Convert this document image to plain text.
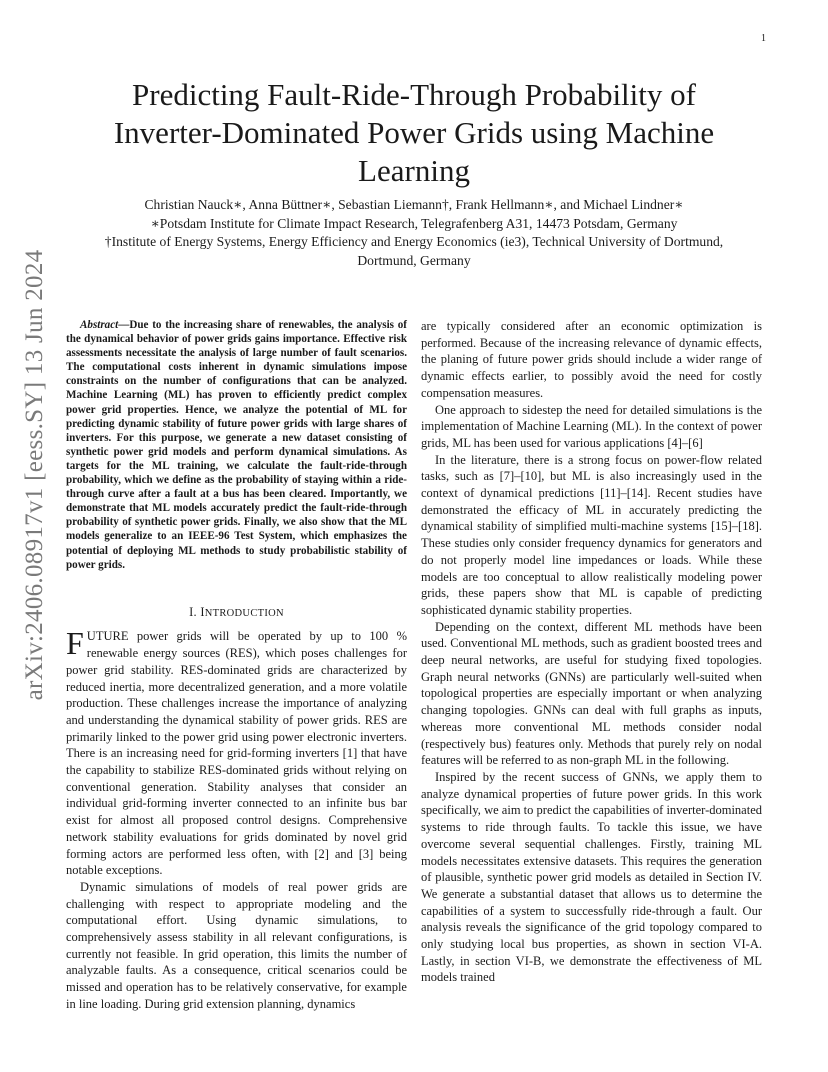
1
arXiv:2406.08917v1 [eess.SY] 13 Jun 2024
Predicting Fault-Ride-Through Probability of
Inverter-Dominated Power Grids using Machine
Learning
Christian Nauck∗, Anna Büttner∗, Sebastian Liemann†, Frank Hellmann∗, and Michael Lindner∗
∗Potsdam Institute for Climate Impact Research, Telegrafenberg A31, 14473 Potsdam, Germany
†Institute of Energy Systems, Energy Efficiency and Energy Economics (ie3), Technical University of Dortmund,
Dortmund, Germany

Abstract—Due to the increasing share of renewables, the analysis of the dynamical behavior of power grids gains importance. Effective risk assessments necessitate the analysis of large number of fault scenarios. The computational costs inherent in dynamic simulations impose constraints on the number of configurations that can be analyzed. Machine Learning (ML) has proven to efficiently predict complex power grid properties. Hence, we analyze the potential of ML for predicting dynamic stability of future power grids with large shares of inverters. For this purpose, we generate a new dataset consisting of synthetic power grid models and perform dynamical simulations. As targets for the ML training, we calculate the fault-ride-through probability, which we define as the probability of staying within a ride-through curve after a fault at a bus has been cleared. Importantly, we demonstrate that ML models accurately predict the fault-ride-through probability of synthetic power grids. Finally, we also show that the ML models generalize to an IEEE-96 Test System, which emphasizes the potential of deploying ML methods to study probabilistic stability of power grids.

I. INTRODUCTION

FUTURE power grids will be operated by up to 100 % renewable energy sources (RES), which poses challenges for power grid stability. RES-dominated grids are characterized by reduced inertia, more decentralized generation, and a more volatile production. These challenges increase the importance of analyzing and understanding the dynamical stability of power grids. RES are primarily linked to the power grid using power electronic inverters. There is an increasing need for grid-forming inverters [1] that have the capability to stabilize RES-dominated grids without relying on conventional generation. Stability analyses that consider an individual grid-forming inverter connected to an infinite bus bar exist for almost all proposed control designs. Comprehensive network stability evaluations for grids dominated by novel grid forming actors are performed less often, with [2] and [3] being notable exceptions.

Dynamic simulations of models of real power grids are challenging with respect to appropriate modeling and the computational effort. Using dynamic simulations, to comprehensively assess stability in all relevant configurations, is currently not feasible. In grid operation, this limits the number of analyzable faults. As a consequence, critical scenarios could be missed and operation has to be relatively conservative, for example in line loading. During grid extension planning, dynamics

are typically considered after an economic optimization is performed. Because of the increasing relevance of dynamic effects, the planing of future power grids should include a wider range of dynamic effects earlier, to possibly avoid the need for costly compensation measures.

One approach to sidestep the need for detailed simulations is the implementation of Machine Learning (ML). In the context of power grids, ML has been used for various applications [4]–[6]

In the literature, there is a strong focus on power-flow related tasks, such as [7]–[10], but ML is also increasingly used in the context of dynamical predictions [11]–[14]. Recent studies have demonstrated the efficacy of ML in accurately predicting the dynamical stability of simplified multi-machine systems [15]–[18]. These studies only consider frequency dynamics for generators and do not properly model line impedances or loads. While these models are too conceptual to allow realistically modeling power grids, these papers show that ML is capable of predicting sophisticated dynamic stability properties.

Depending on the context, different ML methods have been used. Conventional ML methods, such as gradient boosted trees and deep neural networks, are useful for studying fixed topologies. Graph neural networks (GNNs) are particularly well-suited when topological properties are especially important or when analyzing changing topologies. GNNs can deal with full graphs as inputs, whereas more conventional ML methods consider nodal (respectively bus) features only. Methods that purely rely on nodal features will be referred to as non-graph ML in the following.

Inspired by the recent success of GNNs, we apply them to analyze dynamical properties of future power grids. In this work specifically, we aim to predict the capabilities of inverter-dominated systems to ride through faults. To tackle this issue, we have overcome several sequential challenges. Firstly, training ML models necessitates extensive datasets. This requires the generation of plausible, synthetic power grid models as detailed in Section IV. We generate a substantial dataset that allows us to determine the capabilities of a system to successfully ride-through a fault. Our analysis reveals the significance of the grid topology compared to only studying local bus properties, as shown in section VI-A. Lastly, in section VI-B, we demonstrate the effectiveness of ML models trained
